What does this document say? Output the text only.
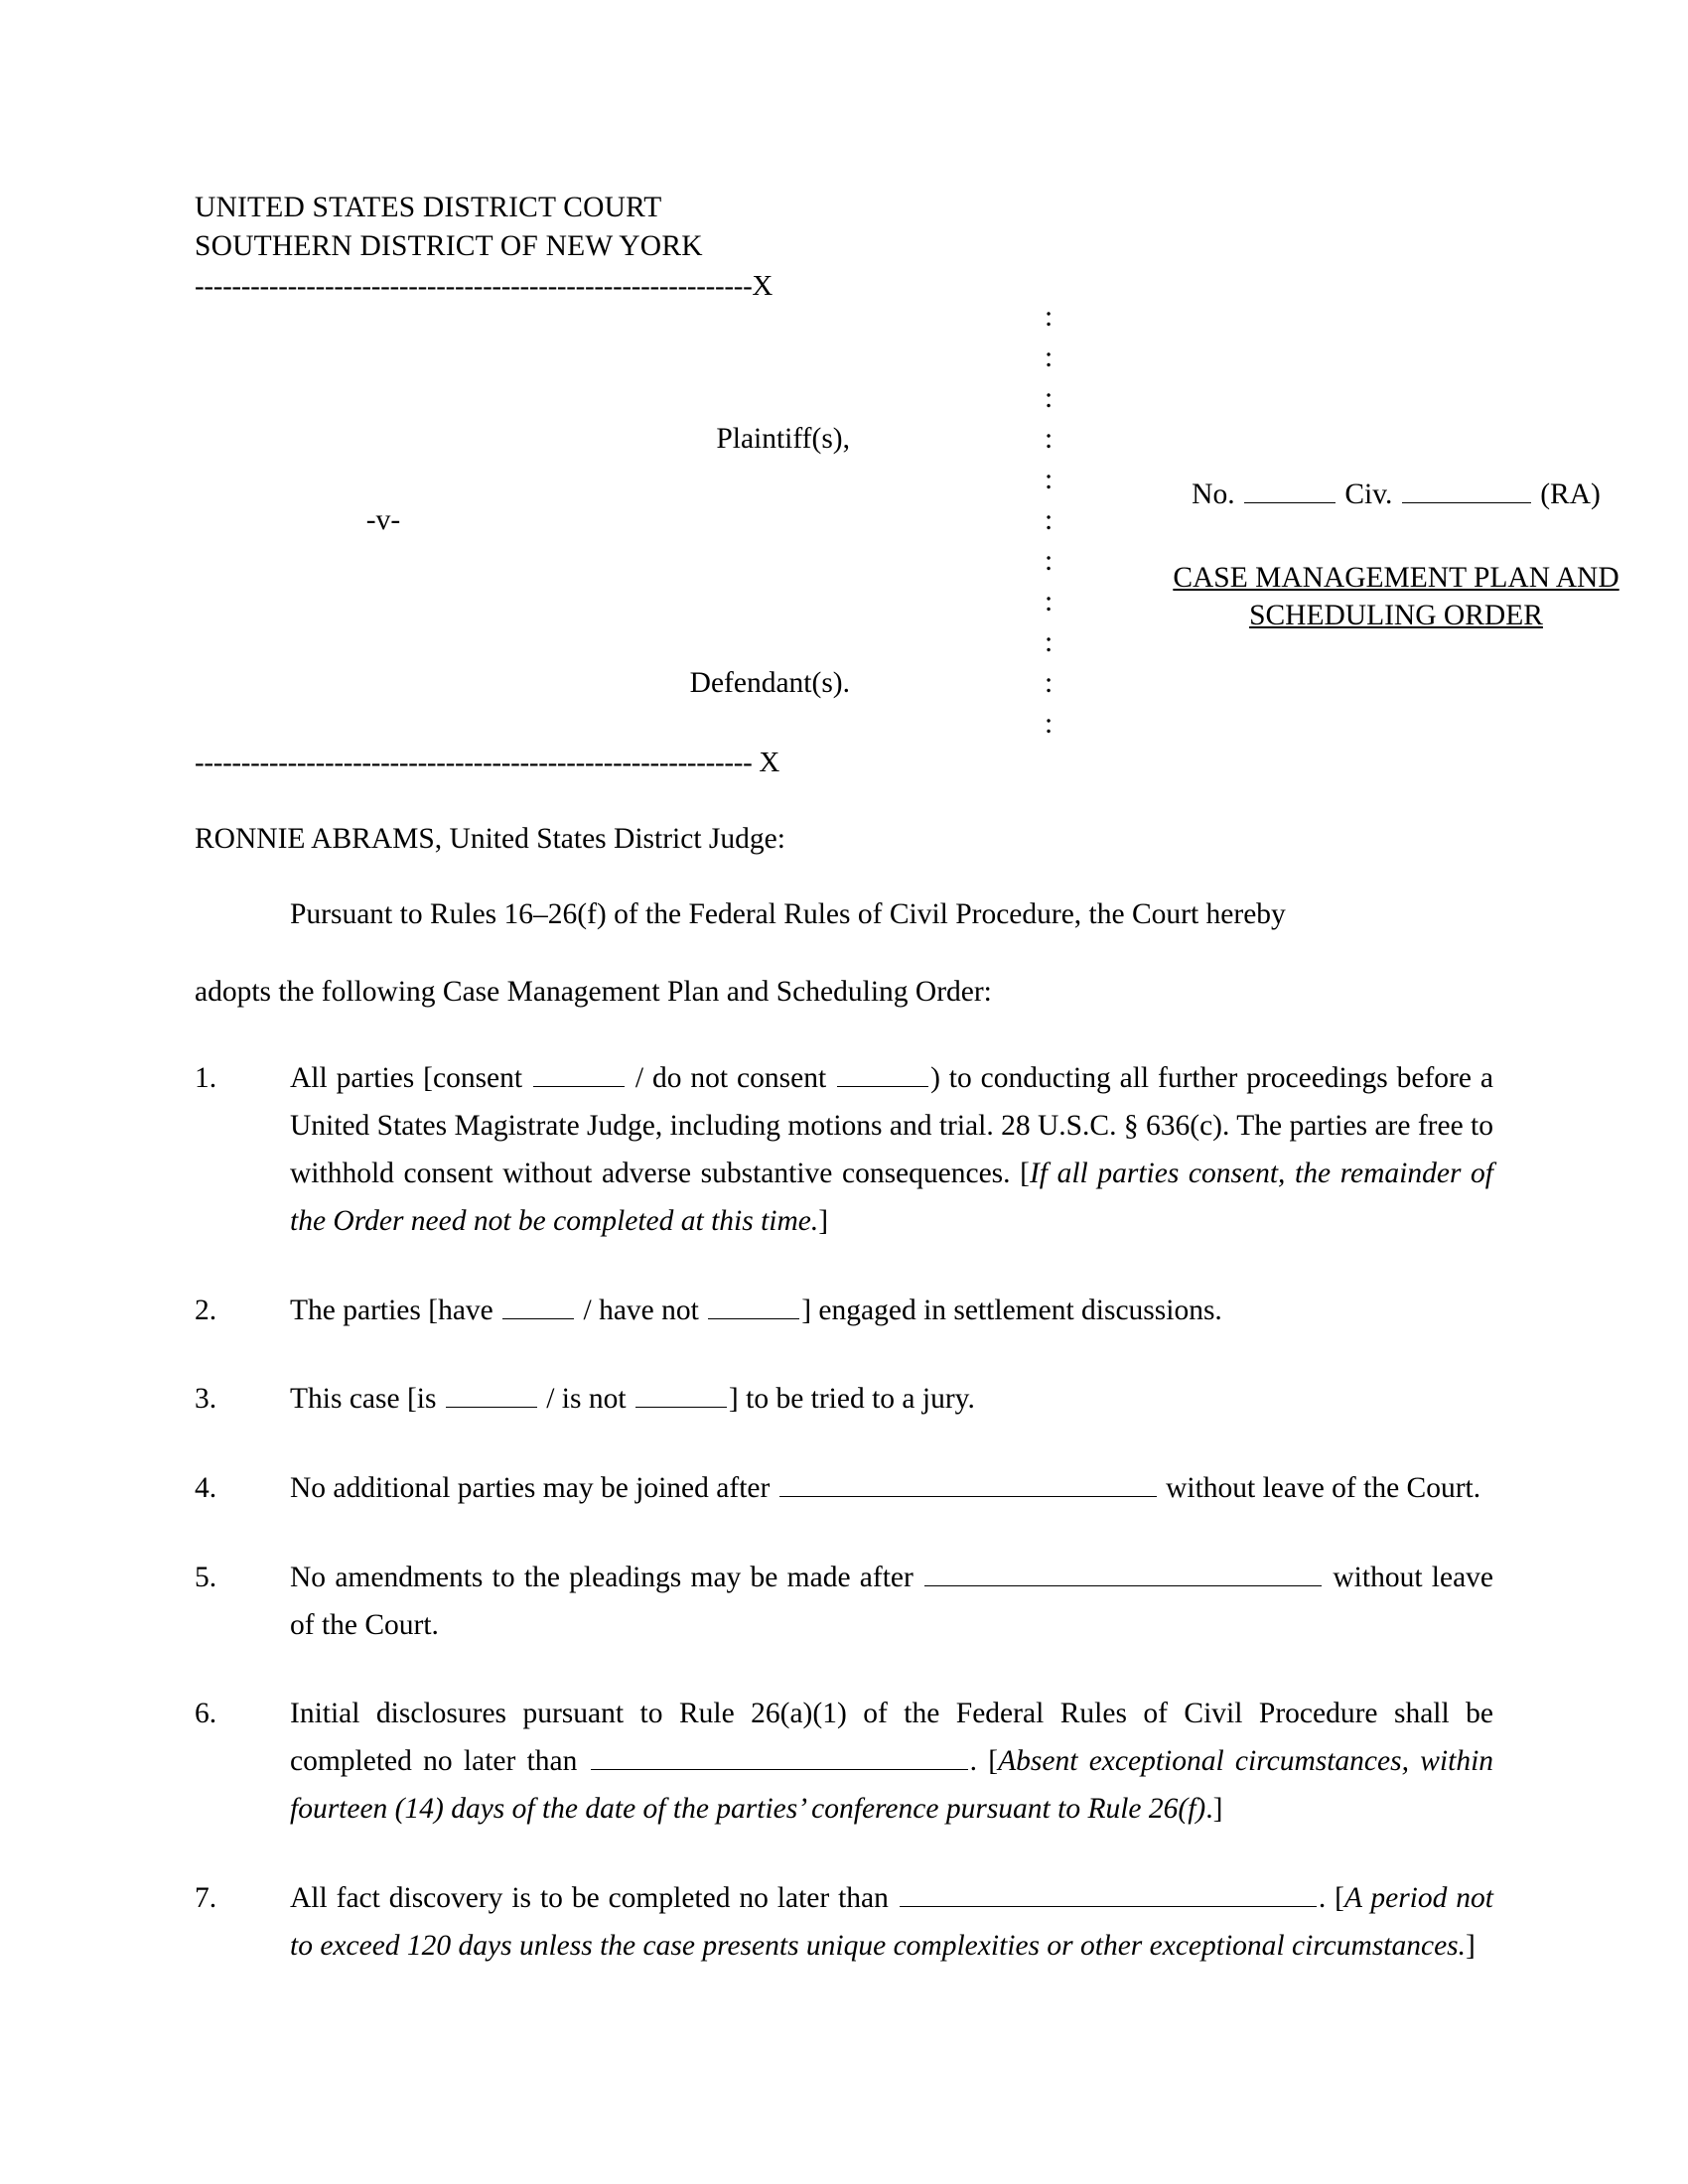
UNITED STATES DISTRICT COURT
SOUTHERN DISTRICT OF NEW YORK
------------------------------------------------------------X

Plaintiff(s),

-v-

Defendant(s).
:
:
:
:
:
:
:
:
:
:
:
No.	Civ.	(RA)
CASE MANAGEMENT PLAN AND
SCHEDULING ORDER
------------------------------------------------------------ X
RONNIE ABRAMS, United States District Judge:
Pursuant to Rules 16–26(f) of the Federal Rules of Civil Procedure, the Court hereby
adopts the following Case Management Plan and Scheduling Order:
1.	All parties [consent	/ do not consent	) to conducting all further proceedings before a United States Magistrate Judge, including motions and trial. 28 U.S.C. § 636(c). The parties are free to withhold consent without adverse substantive consequences. [If all parties consent, the remainder of the Order need not be completed at this time.]
2.	The parties [have	/ have not	] engaged in settlement discussions.
3.	This case [is	/ is not	] to be tried to a jury.
4.	No additional parties may be joined after	without leave of the Court.
5.	No amendments to the pleadings may be made after	without leave of the Court.
6.	Initial disclosures pursuant to Rule 26(a)(1) of the Federal Rules of Civil Procedure shall be completed no later than	. [Absent exceptional circumstances, within fourteen (14) days of the date of the parties’ conference pursuant to Rule 26(f).]
7.	All fact discovery is to be completed no later than	. [A period not to exceed 120 days unless the case presents unique complexities or other exceptional circumstances.]
